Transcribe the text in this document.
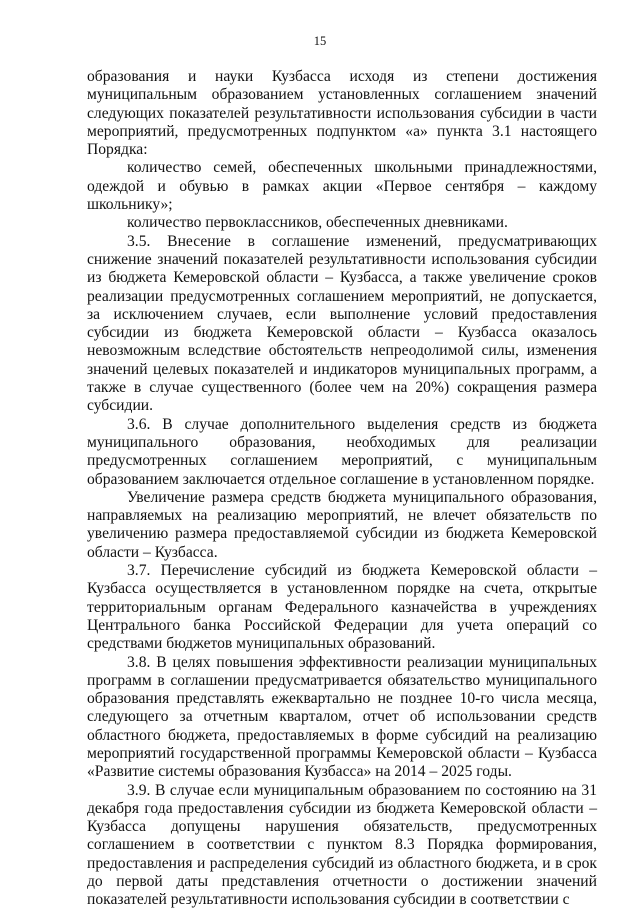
15

образования и науки Кузбасса исходя из степени достижения муниципальным образованием установленных соглашением значений следующих показателей результативности использования субсидии в части мероприятий, предусмотренных подпунктом «а» пункта 3.1 настоящего Порядка:

количество семей, обеспеченных школьными принадлежностями, одеждой и обувью в рамках акции «Первое сентября – каждому школьнику»;

количество первоклассников, обеспеченных дневниками.

3.5. Внесение в соглашение изменений, предусматривающих снижение значений показателей результативности использования субсидии из бюджета Кемеровской области – Кузбасса, а также увеличение сроков реализации предусмотренных соглашением мероприятий, не допускается, за исключением случаев, если выполнение условий предоставления субсидии из бюджета Кемеровской области – Кузбасса оказалось невозможным вследствие обстоятельств непреодолимой силы, изменения значений целевых показателей и индикаторов муниципальных программ, а также в случае существенного (более чем на 20%) сокращения размера субсидии.

3.6. В случае дополнительного выделения средств из бюджета муниципального образования, необходимых для реализации предусмотренных соглашением мероприятий, с муниципальным образованием заключается отдельное соглашение в установленном порядке.

Увеличение размера средств бюджета муниципального образования, направляемых на реализацию мероприятий, не влечет обязательств по увеличению размера предоставляемой субсидии из бюджета Кемеровской области – Кузбасса.

3.7. Перечисление субсидий из бюджета Кемеровской области – Кузбасса осуществляется в установленном порядке на счета, открытые территориальным органам Федерального казначейства в учреждениях Центрального банка Российской Федерации для учета операций со средствами бюджетов муниципальных образований.

3.8. В целях повышения эффективности реализации муниципальных программ в соглашении предусматривается обязательство муниципального образования представлять ежеквартально не позднее 10-го числа месяца, следующего за отчетным кварталом, отчет об использовании средств областного бюджета, предоставляемых в форме субсидий на реализацию мероприятий государственной программы Кемеровской области – Кузбасса «Развитие системы образования Кузбасса» на 2014 – 2025 годы.

3.9. В случае если муниципальным образованием по состоянию на 31 декабря года предоставления субсидии из бюджета Кемеровской области – Кузбасса допущены нарушения обязательств, предусмотренных соглашением в соответствии с пунктом 8.3 Порядка формирования, предоставления и распределения субсидий из областного бюджета, и в срок до первой даты представления отчетности о достижении значений показателей результативности использования субсидии в соответствии с
